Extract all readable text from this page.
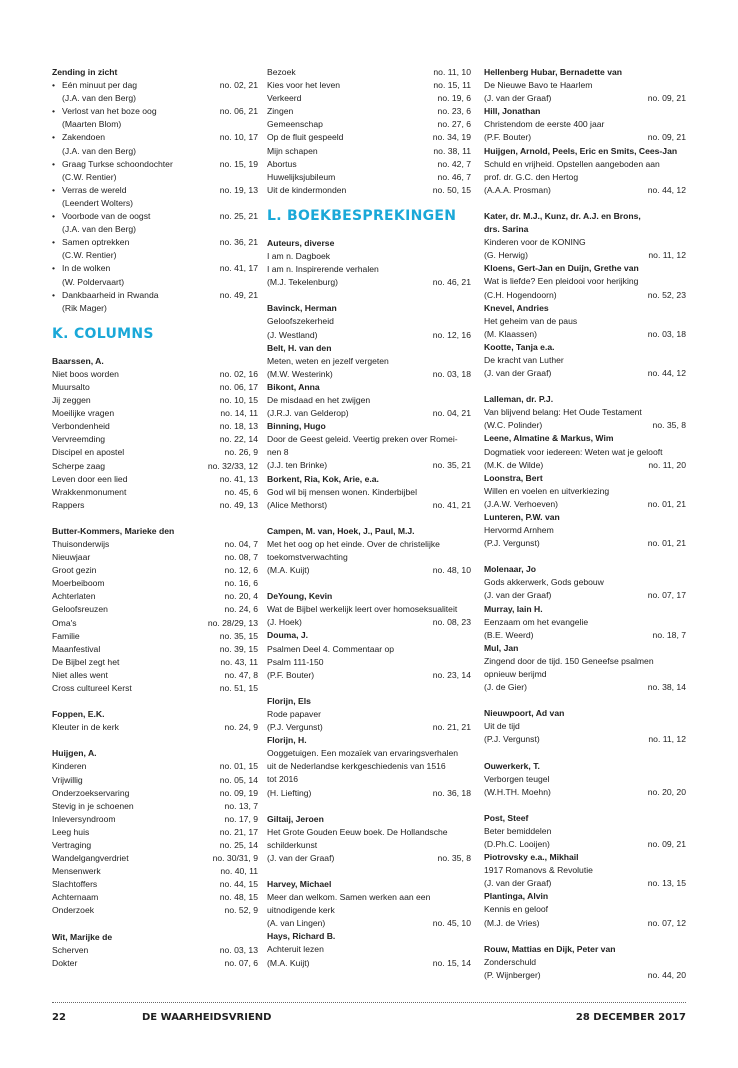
Zending in zicht
• Eén minuut per dag	no. 02, 21
(J.A. van den Berg)
• Verlost van het boze oog	no. 06, 21
(Maarten Blom)
• Zakendoen	no. 10, 17
(J.A. van den Berg)
• Graag Turkse schoondochter	no. 15, 19
(C.W. Rentier)
• Verras de wereld	no. 19, 13
(Leendert Wolters)
• Voorbode van de oogst	no. 25, 21
(J.A. van den Berg)
• Samen optrekken	no. 36, 21
(C.W. Rentier)
• In de wolken	no. 41, 17
(W. Poldervaart)
• Dankbaarheid in Rwanda	no. 49, 21
(Rik Mager)
K. COLUMNS
Baarssen, A.
Niet boos worden	no. 02, 16
Muursalto	no. 06, 17
Jij zeggen	no. 10, 15
Moeilijke vragen	no. 14, 11
Verbondenheid	no. 18, 13
Vervreemding	no. 22, 14
Discipel en apostel	no. 26, 9
Scherpe zaag	no. 32/33, 12
Leven door een lied	no. 41, 13
Wrakkenmonument	no. 45, 6
Rappers	no. 49, 13
Butter-Kommers, Marieke den
Thuisonderwijs	no. 04, 7
Nieuwjaar	no. 08, 7
Groot gezin	no. 12, 6
Moerbeiboom	no. 16, 6
Achterlaten	no. 20, 4
Geloofsreuzen	no. 24, 6
Oma's	no. 28/29, 13
Familie	no. 35, 15
Maanfestival	no. 39, 15
De Bijbel zegt het	no. 43, 11
Niet alles went	no. 47, 8
Cross cultureel Kerst	no. 51, 15
Foppen, E.K.
Kleuter in de kerk	no. 24, 9
Huijgen, A.
Kinderen	no. 01, 15
Vrijwillig	no. 05, 14
Onderzoekservaring	no. 09, 19
Stevig in je schoenen	no. 13, 7
Inleversyndroom	no. 17, 9
Leeg huis	no. 21, 17
Vertraging	no. 25, 14
Wandelgangverdriet	no. 30/31, 9
Mensenwerk	no. 40, 11
Slachtoffers	no. 44, 15
Achternaam	no. 48, 15
Onderzoek	no. 52, 9
Wit, Marijke de
Scherven	no. 03, 13
Dokter	no. 07, 6
Bezoek	no. 11, 10
Kies voor het leven	no. 15, 11
Verkeerd	no. 19, 6
Zingen	no. 23, 6
Gemeenschap	no. 27, 6
Op de fluit gespeeld	no. 34, 19
Mijn schapen	no. 38, 11
Abortus	no. 42, 7
Huwelijksjubileum	no. 46, 7
Uit de kindermonden	no. 50, 15
L. BOEKBESPREKINGEN
Auteurs, diverse
I am n. Dagboek
I am n. Inspirerende verhalen
(M.J. Tekelenburg)	no. 46, 21
Bavinck, Herman
Geloofszekerheid
(J. Westland)	no. 12, 16
Belt, H. van den
Meten, weten en jezelf vergeten
(M.W. Westerink)	no. 03, 18
Bikont, Anna
De misdaad en het zwijgen
(J.R.J. van Gelderop)	no. 04, 21
Binning, Hugo
Door de Geest geleid. Veertig preken over Romei-
nen 8
(J.J. ten Brinke)	no. 35, 21
Borkent, Ria, Kok, Arie, e.a.
God wil bij mensen wonen. Kinderbijbel
(Alice Methorst)	no. 41, 21
Campen, M. van, Hoek, J., Paul, M.J.
Met het oog op het einde. Over de christelijke
toekomstverwachting
(M.A. Kuijt)	no. 48, 10
DeYoung, Kevin
Wat de Bijbel werkelijk leert over homoseksualiteit
(J. Hoek)	no. 08, 23
Douma, J.
Psalmen Deel 4. Commentaar op
Psalm 111-150
(P.F. Bouter)	no. 23, 14
Florijn, Els
Rode papaver
(P.J. Vergunst)	no. 21, 21
Florijn, H.
Ooggetuigen. Een mozaïek van ervaringsverhalen
uit de Nederlandse kerkgeschiedenis van 1516
tot 2016
(H. Liefting)	no. 36, 18
Giltaij, Jeroen
Het Grote Gouden Eeuw boek. De Hollandsche
schilderkunst
(J. van der Graaf)	no. 35, 8
Harvey, Michael
Meer dan welkom. Samen werken aan een
uitnodigende kerk
(A. van Lingen)	no. 45, 10
Hays, Richard B.
Achteruit lezen
(M.A. Kuijt)	no. 15, 14
Hellenberg Hubar, Bernadette van
De Nieuwe Bavo te Haarlem
(J. van der Graaf)	no. 09, 21
Hill, Jonathan
Christendom de eerste 400 jaar
(P.F. Bouter)	no. 09, 21
Huijgen, Arnold, Peels, Eric en Smits, Cees-Jan
Schuld en vrijheid. Opstellen aangeboden aan
prof. dr. G.C. den Hertog
(A.A.A. Prosman)	no. 44, 12
Kater, dr. M.J., Kunz, dr. A.J. en Brons,
drs. Sarina
Kinderen voor de KONING
(G. Herwig)	no. 11, 12
Kloens, Gert-Jan en Duijn, Grethe van
Wat is liefde? Een pleidooi voor herijking
(C.H. Hogendoorn)	no. 52, 23
Knevel, Andries
Het geheim van de paus
(M. Klaassen)	no. 03, 18
Kootte, Tanja e.a.
De kracht van Luther
(J. van der Graaf)	no. 44, 12
Lalleman, dr. P.J.
Van blijvend belang: Het Oude Testament
(W.C. Polinder)	no. 35, 8
Leene, Almatine & Markus, Wim
Dogmatiek voor iedereen: Weten wat je gelooft
(M.K. de Wilde)	no. 11, 20
Loonstra, Bert
Willen en voelen en uitverkiezing
(J.A.W. Verhoeven)	no. 01, 21
Lunteren, P.W. van
Hervormd Arnhem
(P.J. Vergunst)	no. 01, 21
Molenaar, Jo
Gods akkerwerk, Gods gebouw
(J. van der Graaf)	no. 07, 17
Murray, Iain H.
Eenzaam om het evangelie
(B.E. Weerd)	no. 18, 7
Mul, Jan
Zingend door de tijd. 150 Geneefse psalmen
opnieuw berijmd
(J. de Gier)	no. 38, 14
Nieuwpoort, Ad van
Uit de tijd
(P.J. Vergunst)	no. 11, 12
Ouwerkerk, T.
Verborgen teugel
(W.H.TH. Moehn)	no. 20, 20
Post, Steef
Beter bemiddelen
(D.Ph.C. Looijen)	no. 09, 21
Piotrovsky e.a., Mikhail
1917 Romanovs & Revolutie
(J. van der Graaf)	no. 13, 15
Plantinga, Alvin
Kennis en geloof
(M.J. de Vries)	no. 07, 12
Rouw, Mattias en Dijk, Peter van
Zonderschuld
(P. Wijnberger)	no. 44, 20
22	DE WAARHEIDSVRIEND	28 DECEMBER 2017
